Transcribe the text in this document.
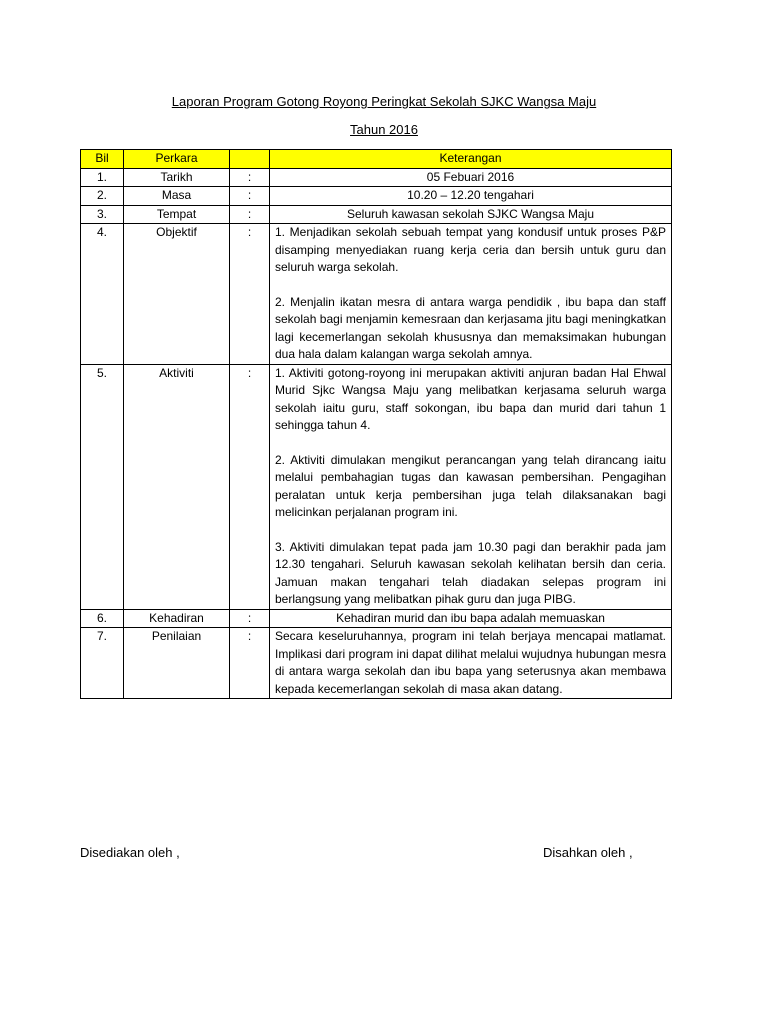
Laporan Program Gotong Royong Peringkat Sekolah SJKC Wangsa Maju
Tahun 2016
Bil	Perkara		Keterangan
1.	Tarikh	:	05 Febuari 2016
2.	Masa	:	10.20 – 12.20 tengahari
3.	Tempat	:	Seluruh kawasan sekolah SJKC Wangsa Maju
4.	Objektif	:	1. Menjadikan sekolah sebuah tempat yang kondusif untuk proses P&P disamping menyediakan ruang kerja ceria dan bersih untuk guru dan seluruh warga sekolah.

2. Menjalin ikatan mesra di antara warga pendidik , ibu bapa dan staff sekolah bagi menjamin kemesraan dan kerjasama jitu bagi meningkatkan lagi kecemerlangan sekolah khususnya dan memaksimakan hubungan dua hala dalam kalangan warga sekolah amnya.

5.	Aktiviti	:	1. Aktiviti gotong-royong ini merupakan aktiviti anjuran badan Hal Ehwal Murid Sjkc Wangsa Maju yang melibatkan kerjasama seluruh warga sekolah iaitu guru, staff sokongan, ibu bapa dan murid dari tahun 1 sehingga tahun 4.

2. Aktiviti dimulakan mengikut perancangan yang telah dirancang iaitu melalui pembahagian tugas dan kawasan pembersihan. Pengagihan peralatan untuk kerja pembersihan juga telah dilaksanakan bagi melicinkan perjalanan program ini.

3. Aktiviti dimulakan tepat pada jam 10.30 pagi dan berakhir pada jam 12.30 tengahari. Seluruh kawasan sekolah kelihatan bersih dan ceria. Jamuan makan tengahari telah diadakan selepas program ini berlangsung yang melibatkan pihak guru dan juga PIBG.

6.	Kehadiran	:	Kehadiran murid dan ibu bapa adalah memuaskan
7.	Penilaian	:	Secara keseluruhannya, program ini telah berjaya mencapai matlamat. Implikasi dari program ini dapat dilihat melalui wujudnya hubungan mesra di antara warga sekolah dan ibu bapa yang seterusnya akan membawa kepada kecemerlangan sekolah di masa akan datang.

Disediakan oleh ,	Disahkan oleh ,
